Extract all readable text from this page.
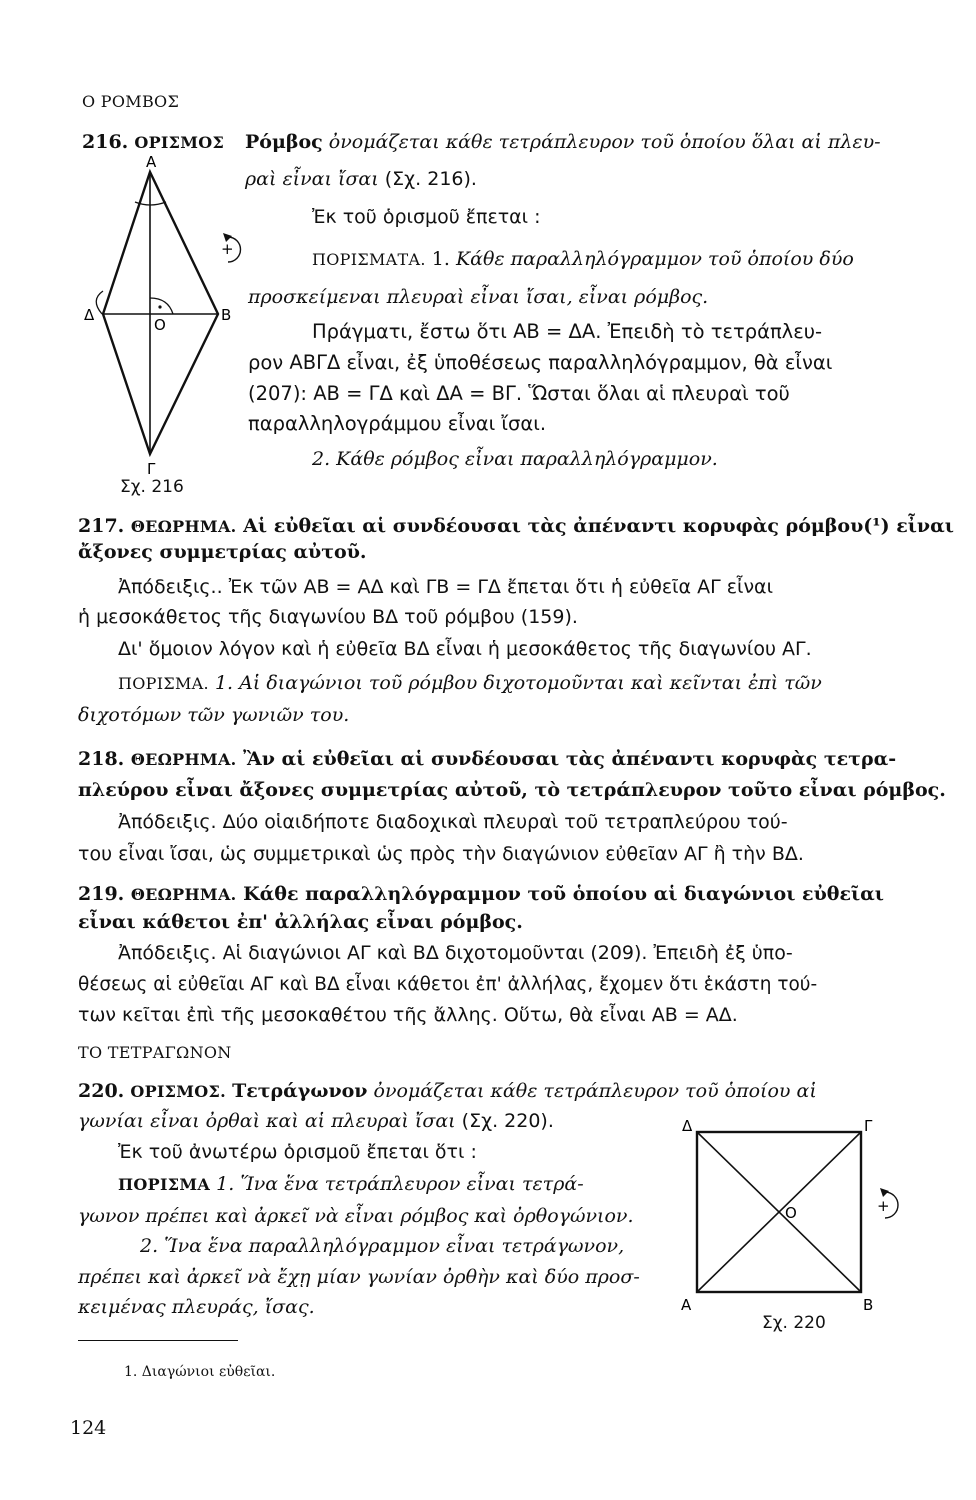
Ο ΡΟΜΒΟΣ
216. ΟΡΙΣΜΟΣ Ρόμβος ὀνομάζεται κάθε τετράπλευρον τοῦ ὁποίου ὅλαι αἱ πλευ-
ραὶ εἶναι ἴσαι (Σχ. 216).
Ἐκ τοῦ ὁρισμοῦ ἔπεται :
ΠΟΡΙΣΜΑΤΑ. 1. Κάθε παραλληλόγραμμον τοῦ ὁποίου δύο
προσκείμεναι πλευραὶ εἶναι ἴσαι, εἶναι ρόμβος.
Πράγματι, ἔστω ὅτι ΑΒ = ΔΑ. Ἐπειδὴ τὸ τετράπλευ-
ρον ΑΒΓΔ εἶναι, ἐξ ὑποθέσεως παραλληλόγραμμον, θὰ εἶναι
(207): ΑΒ = ΓΔ καὶ ΔΑ = ΒΓ. Ὥσται ὅλαι αἱ πλευραὶ τοῦ
παραλληλογράμμου εἶναι ἴσαι.
2. Κάθε ρόμβος εἶναι παραλληλόγραμμον.
+
Α
Β
Γ
Δ
Ο
Σχ. 216
217. ΘΕΩΡΗΜΑ. Αἱ εὐθεῖαι αἱ συνδέουσαι τὰς ἀπέναντι κορυφὰς ρόμβου(¹) εἶναι
ἄξονες συμμετρίας αὐτοῦ.
Ἀπόδειξις.. Ἐκ τῶν ΑΒ = ΑΔ καὶ ΓΒ = ΓΔ ἔπεται ὅτι ἡ εὐθεῖα ΑΓ εἶναι
ἡ μεσοκάθετος τῆς διαγωνίου ΒΔ τοῦ ρόμβου (159).
Δι' ὅμοιον λόγον καὶ ἡ εὐθεῖα ΒΔ εἶναι ἡ μεσοκάθετος τῆς διαγωνίου ΑΓ.
ΠΟΡΙΣΜΑ. 1. Αἱ διαγώνιοι τοῦ ρόμβου διχοτομοῦνται καὶ κεῖνται ἐπὶ τῶν
διχοτόμων τῶν γωνιῶν του.
218. ΘΕΩΡΗΜΑ. Ἂν αἱ εὐθεῖαι αἱ συνδέουσαι τὰς ἀπέναντι κορυφὰς τετρα-
πλεύρου εἶναι ἄξονες συμμετρίας αὐτοῦ, τὸ τετράπλευρον τοῦτο εἶναι ρόμβος.
Ἀπόδειξις. Δύο οἱαιδήποτε διαδοχικαὶ πλευραὶ τοῦ τετραπλεύρου τού-
του εἶναι ἴσαι, ὡς συμμετρικαὶ ὡς πρὸς τὴν διαγώνιον εὐθεῖαν ΑΓ ἢ τὴν ΒΔ.
219. ΘΕΩΡΗΜΑ. Κάθε παραλληλόγραμμον τοῦ ὁποίου αἱ διαγώνιοι εὐθεῖαι
εἶναι κάθετοι ἐπ' ἀλλήλας εἶναι ρόμβος.
Ἀπόδειξις. Αἱ διαγώνιοι ΑΓ καὶ ΒΔ διχοτομοῦνται (209). Ἐπειδὴ ἐξ ὑπο-
θέσεως αἱ εὐθεῖαι ΑΓ καὶ ΒΔ εἶναι κάθετοι ἐπ' ἀλλήλας, ἔχομεν ὅτι ἑκάστη τού-
των κεῖται ἐπὶ τῆς μεσοκαθέτου τῆς ἄλλης. Οὕτω, θὰ εἶναι ΑΒ = ΑΔ.
ΤΟ ΤΕΤΡΑΓΩΝΟΝ
220. ΟΡΙΣΜΟΣ. Τετράγωνον ὀνομάζεται κάθε τετράπλευρον τοῦ ὁποίου αἱ
γωνίαι εἶναι ὀρθαὶ καὶ αἱ πλευραὶ ἴσαι (Σχ. 220).
Ἐκ τοῦ ἀνωτέρω ὁρισμοῦ ἔπεται ὅτι :
ΠΟΡΙΣΜΑ 1. Ἵνα ἕνα τετράπλευρον εἶναι τετρά-
γωνον πρέπει καὶ ἀρκεῖ νὰ εἶναι ρόμβος καὶ ὀρθογώνιον.
2. Ἵνα ἕνα παραλληλόγραμμον εἶναι τετράγωνον,
πρέπει καὶ ἀρκεῖ νὰ ἔχῃ μίαν γωνίαν ὀρθὴν καὶ δύο προσ-
κειμένας πλευράς, ἴσας.
+
Δ	Γ
Α	Β
Ο
Σχ. 220
1. Διαγώνιοι εὐθεῖαι.
124
